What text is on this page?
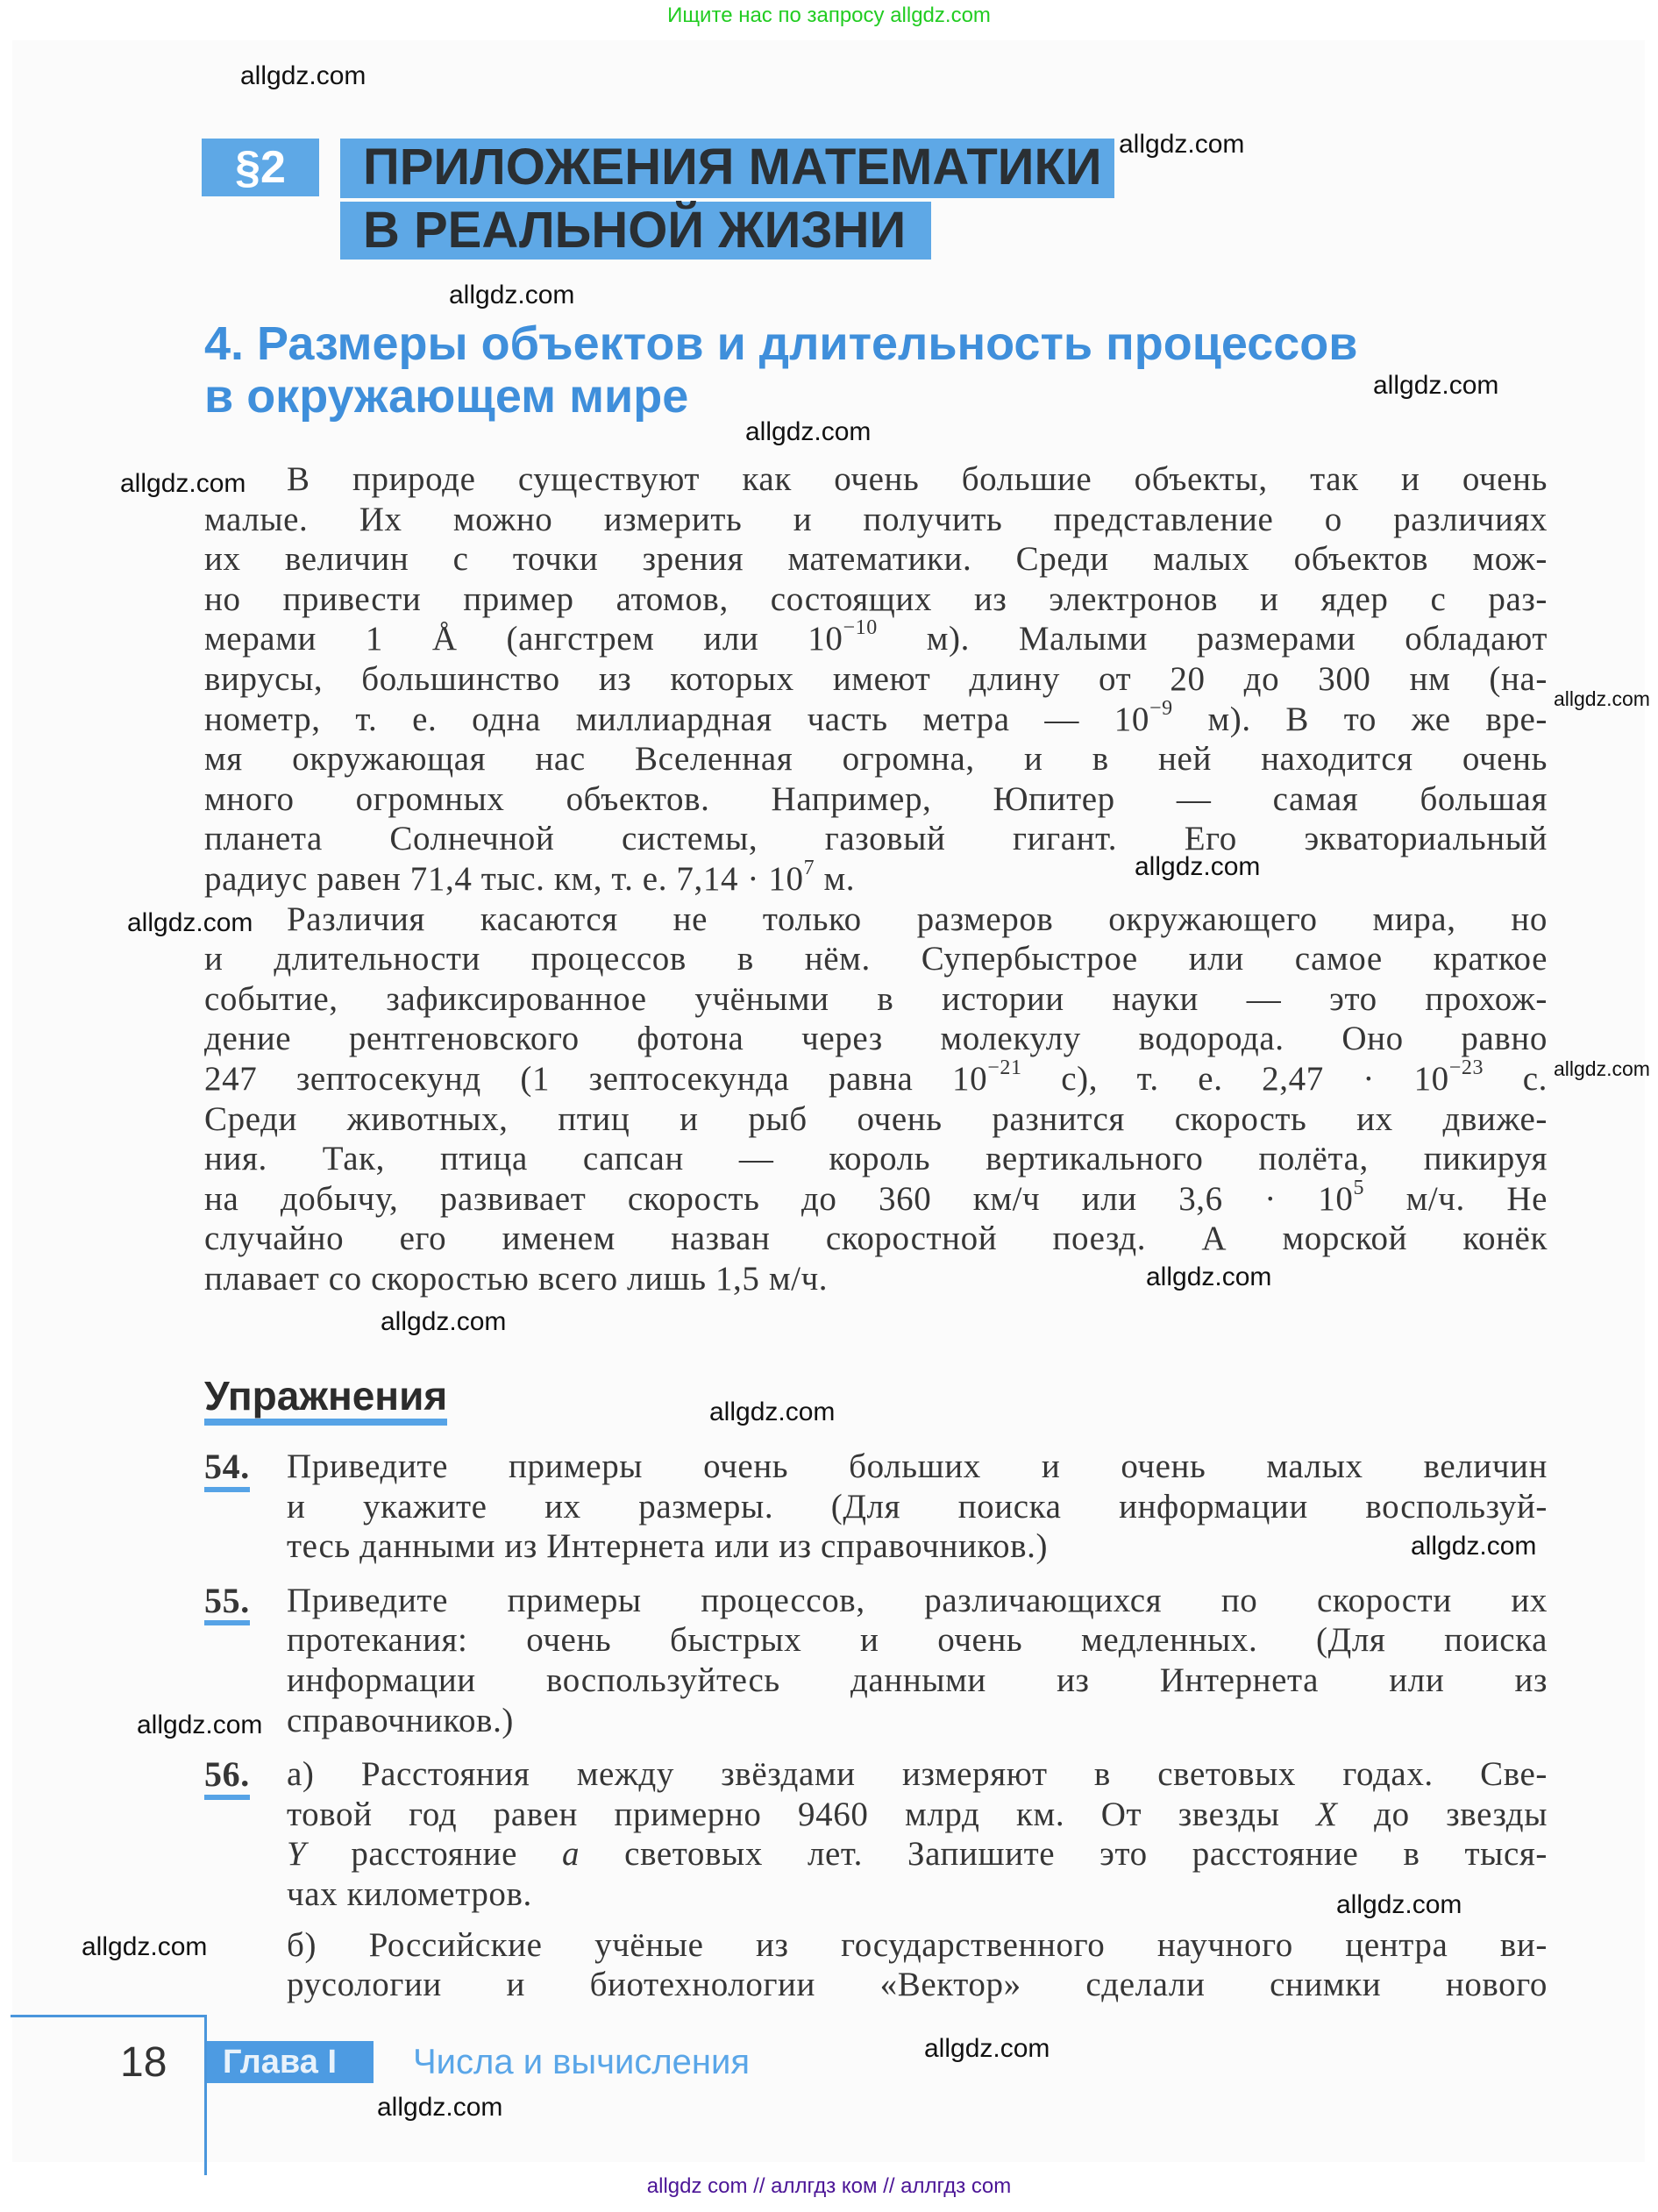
Ищите нас по запросу allgdz.com
§2	ПРИЛОЖЕНИЯ МАТЕМАТИКИ
В РЕАЛЬНОЙ ЖИЗНИ
4. Размеры объектов и длительность процессов
в окружающем мире
В природе существуют как очень большие объекты, так и очень
малые. Их можно измерить и получить представление о различиях
их величин с точки зрения математики. Среди малых объектов мож-
но привести пример атомов, состоящих из электронов и ядер с раз-
мерами 1 Å (ангстрем или $10^{-10}$ м). Малыми размерами обладают
вирусы, большинство из которых имеют длину от 20 до 300 нм (на-
нометр, т. е. одна миллиардная часть метра — $10^{-9}$ м). В то же вре-
мя окружающая нас Вселенная огромна, и в ней находится очень
много огромных объектов. Например, Юпитер — самая большая
планета Солнечной системы, газовый гигант. Его экваториальный
радиус равен 71,4 тыс. км, т. е. $7,14 \cdot 10^7$ м.
Различия касаются не только размеров окружающего мира, но
и длительности процессов в нём. Супербыстрое или самое краткое
событие, зафиксированное учёными в истории науки — это прохож-
дение рентгеновского фотона через молекулу водорода. Оно равно
247 зептосекунд (1 зептосекунда равна $10^{-21}$ с), т. е. $2,47 \cdot 10^{-23}$ с.
Среди животных, птиц и рыб очень разнится скорость их движе-
ния. Так, птица сапсан — король вертикального полёта, пикируя
на добычу, развивает скорость до 360 км/ч или $3,6 \cdot 10^5$ м/ч. Не
случайно его именем назван скоростной поезд. А морской конёк
плавает со скоростью всего лишь 1,5 м/ч.
Упражнения
54. Приведите примеры очень больших и очень малых величин
и укажите их размеры. (Для поиска информации воспользуй-
тесь данными из Интернета или из справочников.)
55. Приведите примеры процессов, различающихся по скорости их
протекания: очень быстрых и очень медленных. (Для поиска
информации воспользуйтесь данными из Интернета или из
справочников.)
56. а) Расстояния между звёздами измеряют в световых годах. Све-
товой год равен примерно 9460 млрд км. От звезды X до звезды
Y расстояние a световых лет. Запишите это расстояние в тыся-
чах километров.
б) Российские учёные из государственного научного центра ви-
русологии и биотехнологии «Вектор» сделали снимки нового
18	Глава I	Числа и вычисления
allgdz com // аллгдз ком // аллгдз com
allgdz.com
allgdz.com
allgdz.com
allgdz.com
allgdz.com
allgdz.com
allgdz.com
allgdz.com
allgdz.com
allgdz.com
allgdz.com
allgdz.com
allgdz.com
allgdz.com
allgdz.com
allgdz.com
allgdz.com
allgdz.com
allgdz.com
